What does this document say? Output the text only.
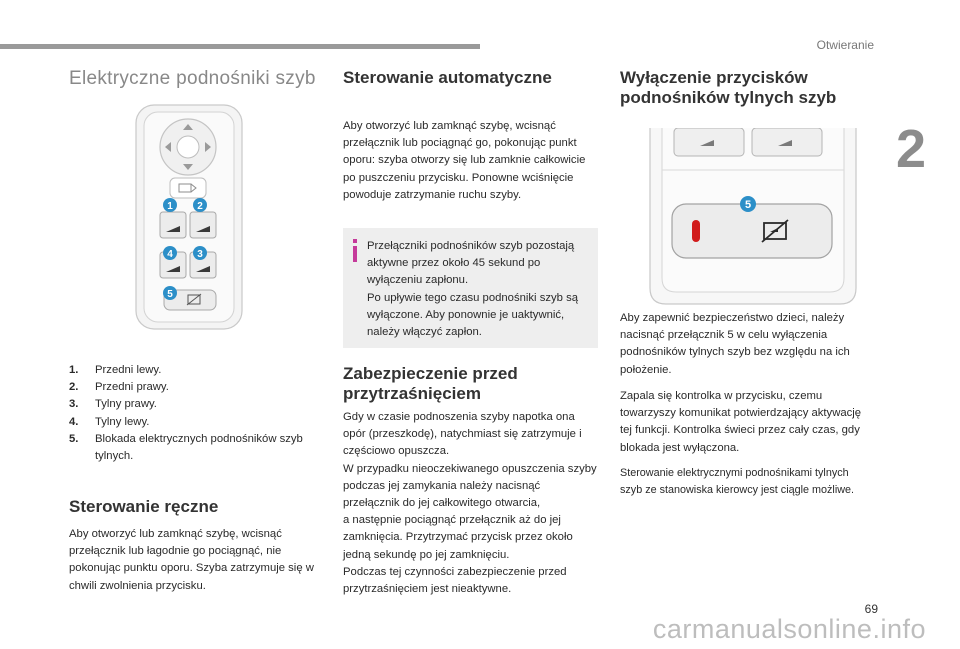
Otwieranie
2
Elektryczne podnośniki szyb
1 2
4 3
5
1.	Przedni lewy.
2.	Przedni prawy.
3.	Tylny prawy.
4.	Tylny lewy.
5.	Blokada elektrycznych podnośników szyb tylnych.
Sterowanie ręczne

Aby otworzyć lub zamknąć szybę, wcisnąć przełącznik lub łagodnie go pociągnąć, nie pokonując punktu oporu. Szyba zatrzymuje się w chwili zwolnienia przycisku.

Sterowanie automatyczne

Aby otworzyć lub zamknąć szybę, wcisnąć przełącznik lub pociągnąć go, pokonując punkt oporu: szyba otworzy się lub zamknie całkowicie po puszczeniu przycisku. Ponowne wciśnięcie powoduje zatrzymanie ruchu szyby.

Przełączniki podnośników szyb pozostają aktywne przez około 45 sekund po wyłączeniu zapłonu.

Po upływie tego czasu podnośniki szyb są wyłączone. Aby ponownie je uaktywnić, należy włączyć zapłon.

Zabezpieczenie przed przytrzaśnięciem

Gdy w czasie podnoszenia szyby napotka ona opór (przeszkodę), natychmiast się zatrzymuje i częściowo opuszcza.

W przypadku nieoczekiwanego opuszczenia szyby podczas jej zamykania należy nacisnąć przełącznik do jej całkowitego otwarcia,

a następnie pociągnąć przełącznik aż do jej zamknięcia. Przytrzymać przycisk przez około jedną sekundę po jej zamknięciu.

Podczas tej czynności zabezpieczenie przed przytrzaśnięciem jest nieaktywne.

Wyłączenie przycisków podnośników tylnych szyb
5

Aby zapewnić bezpieczeństwo dzieci, należy nacisnąć przełącznik 5 w celu wyłączenia podnośników tylnych szyb bez względu na ich położenie.

Zapala się kontrolka w przycisku, czemu towarzyszy komunikat potwierdzający aktywację tej funkcji. Kontrolka świeci przez cały czas, gdy blokada jest wyłączona.

Sterowanie elektrycznymi podnośnikami tylnych szyb ze stanowiska kierowcy jest ciągle możliwe.

69
carmanualsonline.info
